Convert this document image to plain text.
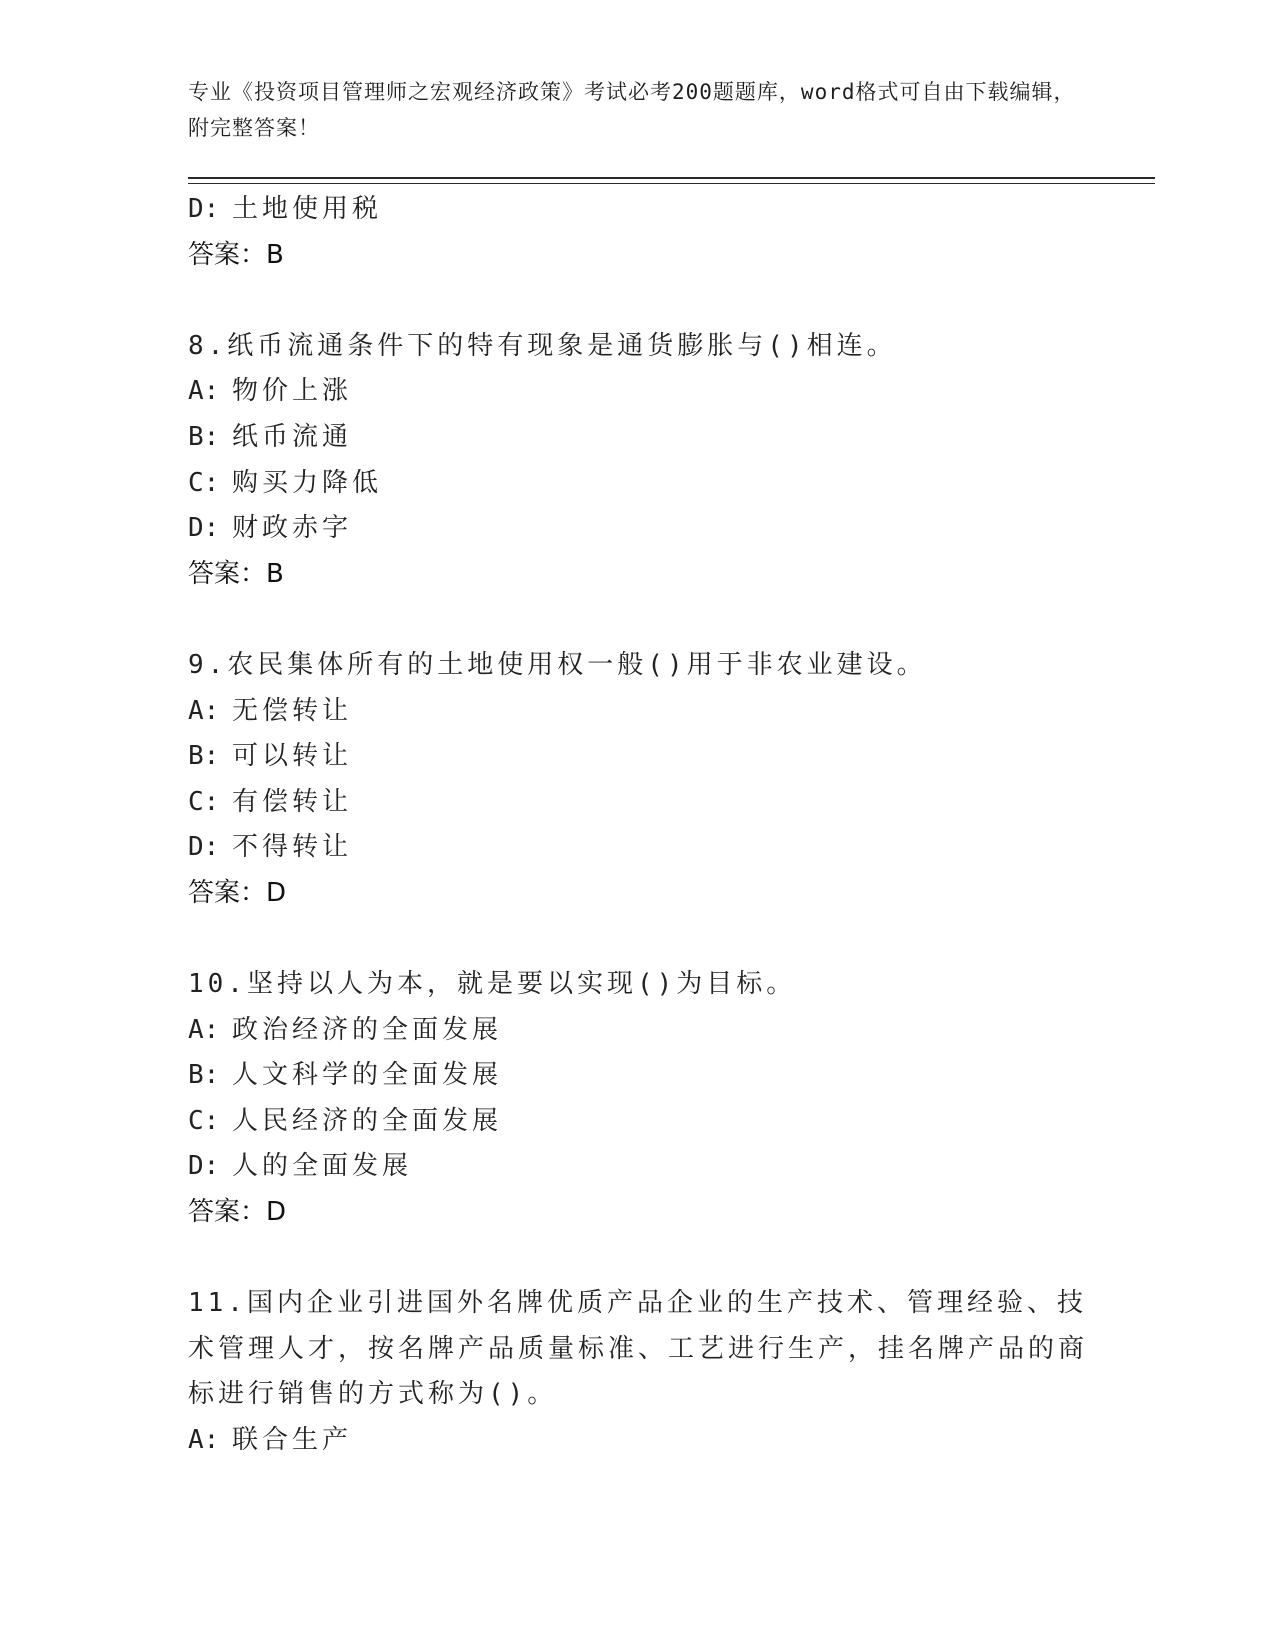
专业《投资项目管理师之宏观经济政策》考试必考200题题库，word格式可自由下载编辑，附完整答案！
D: 土地使用税
答案：B
8.纸币流通条件下的特有现象是通货膨胀与()相连。
A: 物价上涨
B: 纸币流通
C: 购买力降低
D: 财政赤字
答案：B
9.农民集体所有的土地使用权一般()用于非农业建设。
A: 无偿转让
B: 可以转让
C: 有偿转让
D: 不得转让
答案：D
10.坚持以人为本，就是要以实现()为目标。
A: 政治经济的全面发展
B: 人文科学的全面发展
C: 人民经济的全面发展
D: 人的全面发展
答案：D
11.国内企业引进国外名牌优质产品企业的生产技术、管理经验、技术管理人才，按名牌产品质量标准、工艺进行生产，挂名牌产品的商标进行销售的方式称为()。
A: 联合生产
